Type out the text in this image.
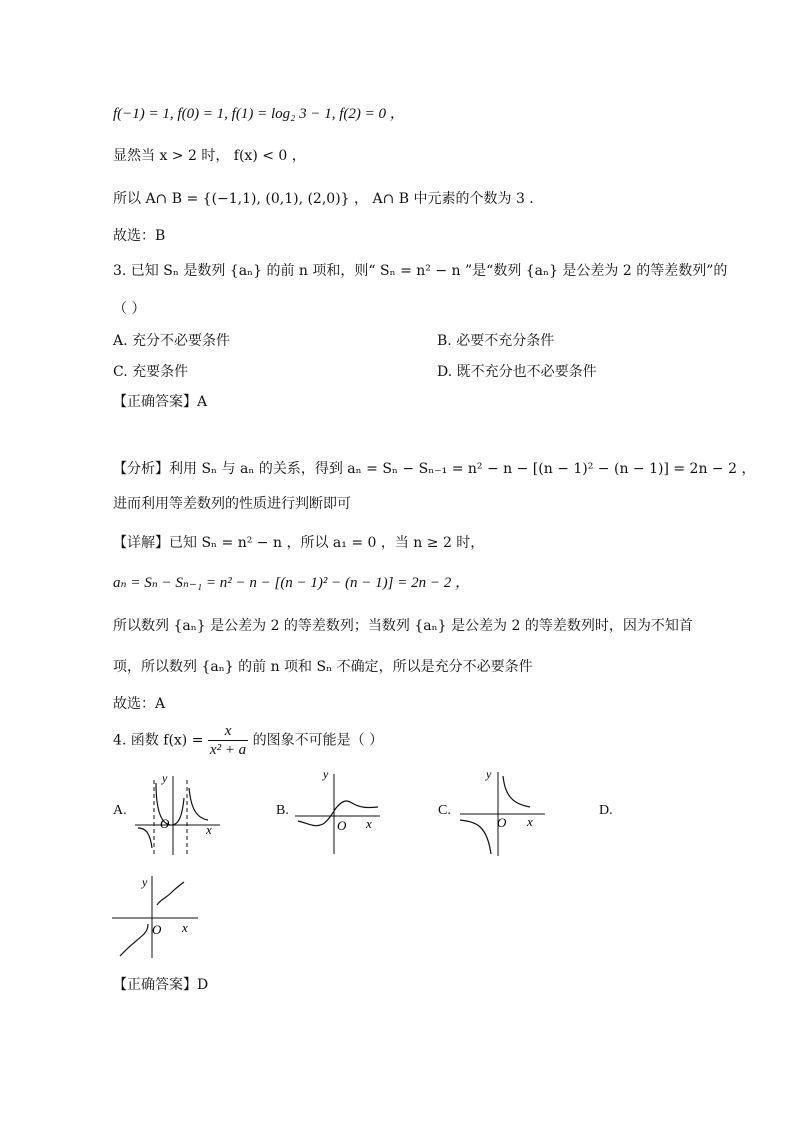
f(−1) = 1, f(0) = 1, f(1) = log₂ 3 − 1, f(2) = 0 ，
显然当 x > 2 时， f(x) < 0 ，
所以 A∩ B = {(−1,1), (0,1), (2,0)} ， A∩ B 中元素的个数为 3 .
故选：B
3. 已知 Sₙ 是数列 {aₙ} 的前 n 项和，则“ Sₙ = n² − n ”是“数列 {aₙ} 是公差为 2 的等差数列”的
（ ）
A. 充分不必要条件	B. 必要不充分条件
C. 充要条件	D. 既不充分也不必要条件
【正确答案】A
【分析】利用 Sₙ 与 aₙ 的关系，得到 aₙ = Sₙ − Sₙ₋₁ = n² − n − [(n − 1)² − (n − 1)] = 2n − 2 ，
进而利用等差数列的性质进行判断即可
【详解】已知 Sₙ = n² − n ，所以 a₁ = 0 ，当 n ≥ 2 时，
aₙ = Sₙ − Sₙ₋₁ = n² − n − [(n − 1)² − (n − 1)] = 2n − 2 ，
所以数列 {aₙ} 是公差为 2 的等差数列；当数列 {aₙ} 是公差为 2 的等差数列时，因为不知首
项，所以数列 {aₙ} 的前 n 项和 Sₙ 不确定，所以是充分不必要条件
故选：A
4. 函数 $f(x) = \frac{x}{\text{x² + a}}$ 的图象不可能是（ ）
A.	B.	C.	D.
y
O	x
y
O x
y
O x
y
O x
【正确答案】D
